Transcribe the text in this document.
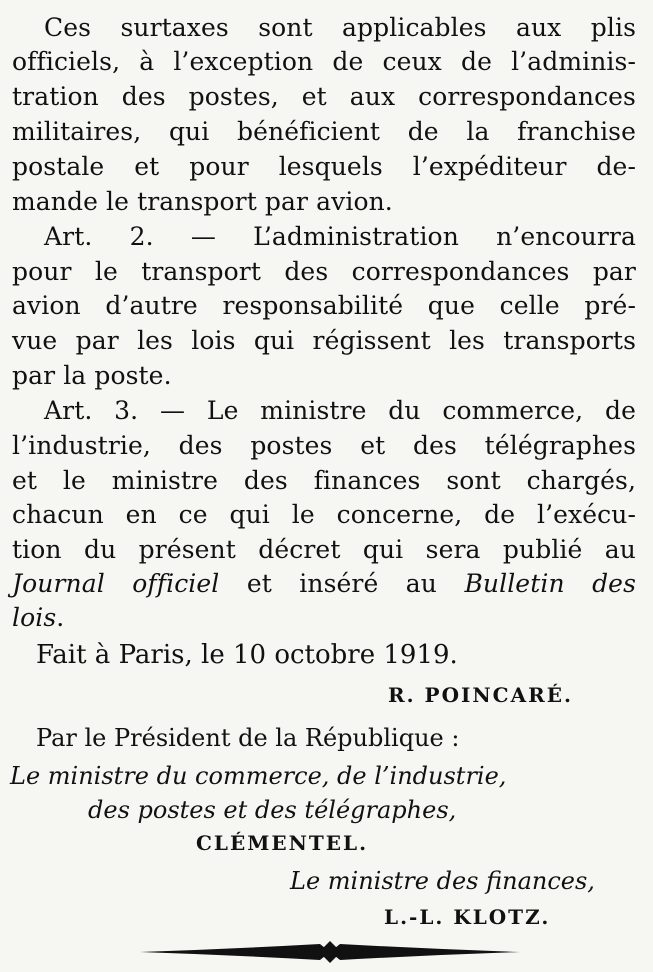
Ces surtaxes sont applicables aux plis
officiels, à l’exception de ceux de l’adminis-
tration des postes, et aux correspondances
militaires, qui bénéficient de la franchise
postale et pour lesquels l’expéditeur de-
mande le transport par avion.
Art. 2. — L’administration n’encourra
pour le transport des correspondances par
avion d’autre responsabilité que celle pré-
vue par les lois qui régissent les transports
par la poste.
Art. 3. — Le ministre du commerce, de
l’industrie, des postes et des télégraphes
et le ministre des finances sont chargés,
chacun en ce qui le concerne, de l’exécu-
tion du présent décret qui sera publié au
Journal officiel et inséré au Bulletin des
lois.
Fait à Paris, le 10 octobre 1919.
R. POINCARÉ.
Par le Président de la République :
Le ministre du commerce, de l’industrie,
des postes et des télégraphes,
CLÉMENTEL.
Le ministre des finances,
L.-L. KLOTZ.
